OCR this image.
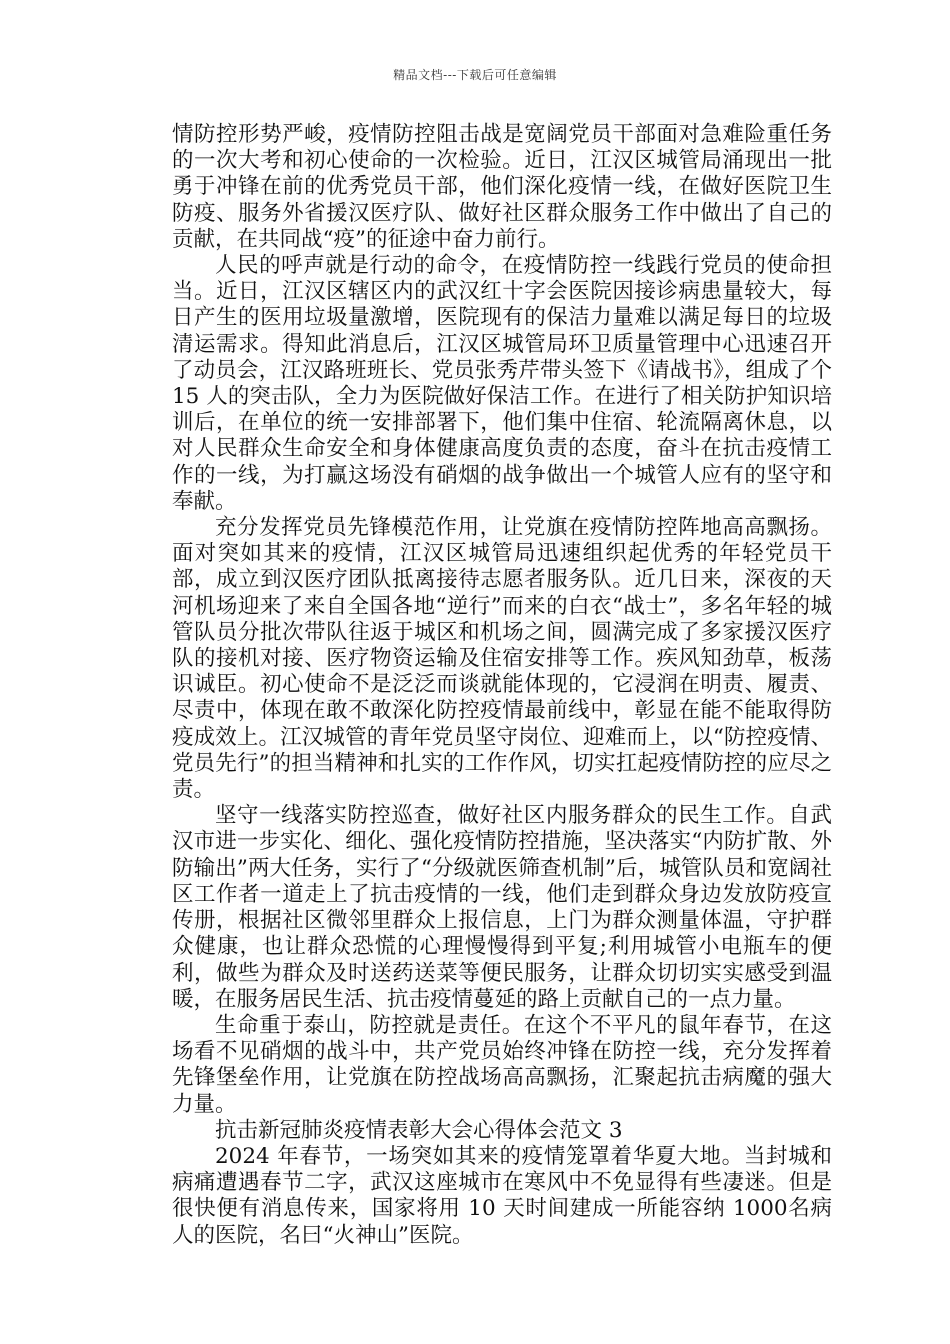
精品文档---下载后可任意编辑

情防控形势严峻，疫情防控阻击战是宽阔党员干部面对急难险重任务的一次大考和初心使命的一次检验。近日，江汉区城管局涌现出一批勇于冲锋在前的优秀党员干部，他们深化疫情一线，在做好医院卫生防疫、服务外省援汉医疗队、做好社区群众服务工作中做出了自己的贡献，在共同战“疫”的征途中奋力前行。

人民的呼声就是行动的命令，在疫情防控一线践行党员的使命担当。近日，江汉区辖区内的武汉红十字会医院因接诊病患量较大，每日产生的医用垃圾量激增，医院现有的保洁力量难以满足每日的垃圾清运需求。得知此消息后，江汉区城管局环卫质量管理中心迅速召开了动员会，江汉路班班长、党员张秀芹带头签下《请战书》，组成了个 15 人的突击队，全力为医院做好保洁工作。在进行了相关防护知识培训后，在单位的统一安排部署下，他们集中住宿、轮流隔离休息，以对人民群众生命安全和身体健康高度负责的态度，奋斗在抗击疫情工作的一线，为打赢这场没有硝烟的战争做出一个城管人应有的坚守和奉献。

充分发挥党员先锋模范作用，让党旗在疫情防控阵地高高飘扬。面对突如其来的疫情，江汉区城管局迅速组织起优秀的年轻党员干部，成立到汉医疗团队抵离接待志愿者服务队。近几日来，深夜的天河机场迎来了来自全国各地“逆行”而来的白衣“战士”，多名年轻的城管队员分批次带队往返于城区和机场之间，圆满完成了多家援汉医疗队的接机对接、医疗物资运输及住宿安排等工作。疾风知劲草，板荡识诚臣。初心使命不是泛泛而谈就能体现的，它浸润在明责、履责、尽责中，体现在敢不敢深化防控疫情最前线中，彰显在能不能取得防疫成效上。江汉城管的青年党员坚守岗位、迎难而上，以“防控疫情、党员先行”的担当精神和扎实的工作作风，切实扛起疫情防控的应尽之责。

坚守一线落实防控巡查，做好社区内服务群众的民生工作。自武汉市进一步实化、细化、强化疫情防控措施，坚决落实“内防扩散、外防输出”两大任务，实行了“分级就医筛查机制”后，城管队员和宽阔社区工作者一道走上了抗击疫情的一线，他们走到群众身边发放防疫宣传册，根据社区微邻里群众上报信息，上门为群众测量体温，守护群众健康，也让群众恐慌的心理慢慢得到平复;利用城管小电瓶车的便利，做些为群众及时送药送菜等便民服务，让群众切切实实感受到温暖，在服务居民生活、抗击疫情蔓延的路上贡献自己的一点力量。

生命重于泰山，防控就是责任。在这个不平凡的鼠年春节，在这场看不见硝烟的战斗中，共产党员始终冲锋在防控一线，充分发挥着先锋堡垒作用，让党旗在防控战场高高飘扬，汇聚起抗击病魔的强大力量。

抗击新冠肺炎疫情表彰大会心得体会范文 3

2024 年春节，一场突如其来的疫情笼罩着华夏大地。当封城和病痛遭遇春节二字，武汉这座城市在寒风中不免显得有些凄迷。但是很快便有消息传来，国家将用 10 天时间建成一所能容纳 1000名病人的医院，名曰“火神山”医院。
